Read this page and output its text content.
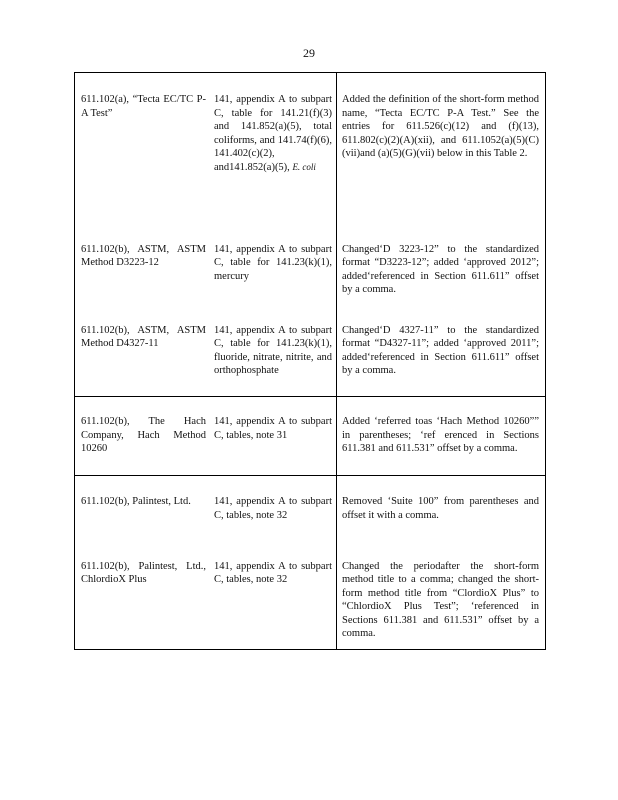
29
611.102(a), “Tecta EC/TC P-A Test”	141, appendix A to subpart C, table for 141.21(f)(3) and 141.852(a)(5), total coliforms, and 141.74(f)(6), 141.402(c)(2), and141.852(a)(5), E. coli	Added the definition of the short-form method name, “Tecta EC/TC P-A Test.” See the entries for 611.526(c)(12) and (f)(13), 611.802(c)(2)(A)(xii), and 611.1052(a)(5)(C)(vii)and (a)(5)(G)(vii) below in this Table 2.

611.102(b), ASTM, ASTM Method D3223-12	141, appendix A to subpart C, table for 141.23(k)(1), mercury	Changed‘D 3223-12” to the standardized format “D3223-12”; added ‘approved 2012”; added‘referenced in Section 611.611” offset by a comma.

611.102(b), ASTM, ASTM Method D4327-11	141, appendix A to subpart C, table for 141.23(k)(1), fluoride, nitrate, nitrite, and orthophosphate	Changed‘D 4327-11” to the standardized format “D4327-11”; added ‘approved 2011”; added‘referenced in Section 611.611” offset by a comma.

611.102(b), The Hach Company, Hach Method 10260	141, appendix A to subpart C, tables, note 31	Added ‘referred toas ‘Hach Method 10260”” in parentheses; ‘ref erenced in Sections 611.381 and 611.531” offset by a comma.

611.102(b), Palintest, Ltd.	141, appendix A to subpart C, tables, note 32	Removed ‘Suite 100” from parentheses and offset it with a comma.

611.102(b), Palintest, Ltd., ChlordioX Plus	141, appendix A to subpart C, tables, note 32	Changed the periodafter the short-form method title to a comma; changed the short-form method title from “ClordioX Plus” to “ChlordioX Plus Test”; ‘referenced in Sections 611.381 and 611.531” offset by a comma.
